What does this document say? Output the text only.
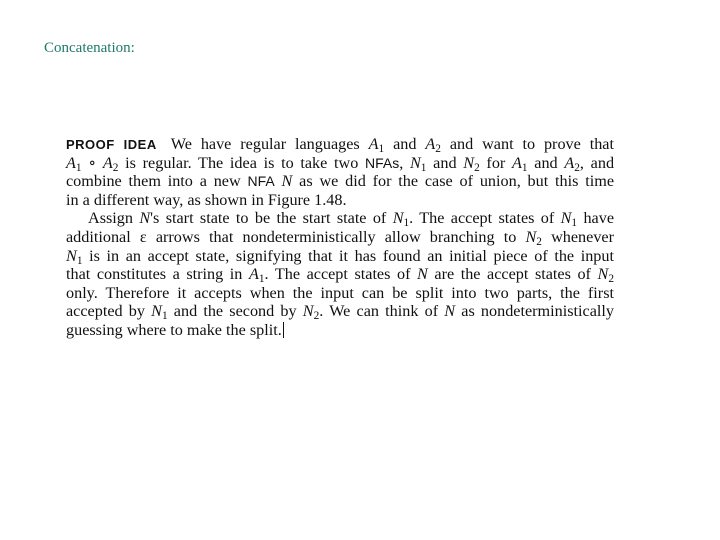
Concatenation:
PROOF IDEA We have regular languages $A_1$ and $A_2$ and want to prove that
$A_1$ ∘ $A_2$ is regular. The idea is to take two NFAs, $N_1$ and $N_2$ for $A_1$ and $A_2$, and
combine them into a new NFA N as we did for the case of union, but this time
in a different way, as shown in Figure 1.48.
Assign N's start state to be the start state of $N_1$. The accept states of $N_1$ have
additional ε arrows that nondeterministically allow branching to $N_2$ whenever
$N_1$ is in an accept state, signifying that it has found an initial piece of the input
that constitutes a string in $A_1$. The accept states of N are the accept states of $N_2$
only. Therefore it accepts when the input can be split into two parts, the first
accepted by $N_1$ and the second by $N_2$. We can think of N as nondeterministically
guessing where to make the split.
